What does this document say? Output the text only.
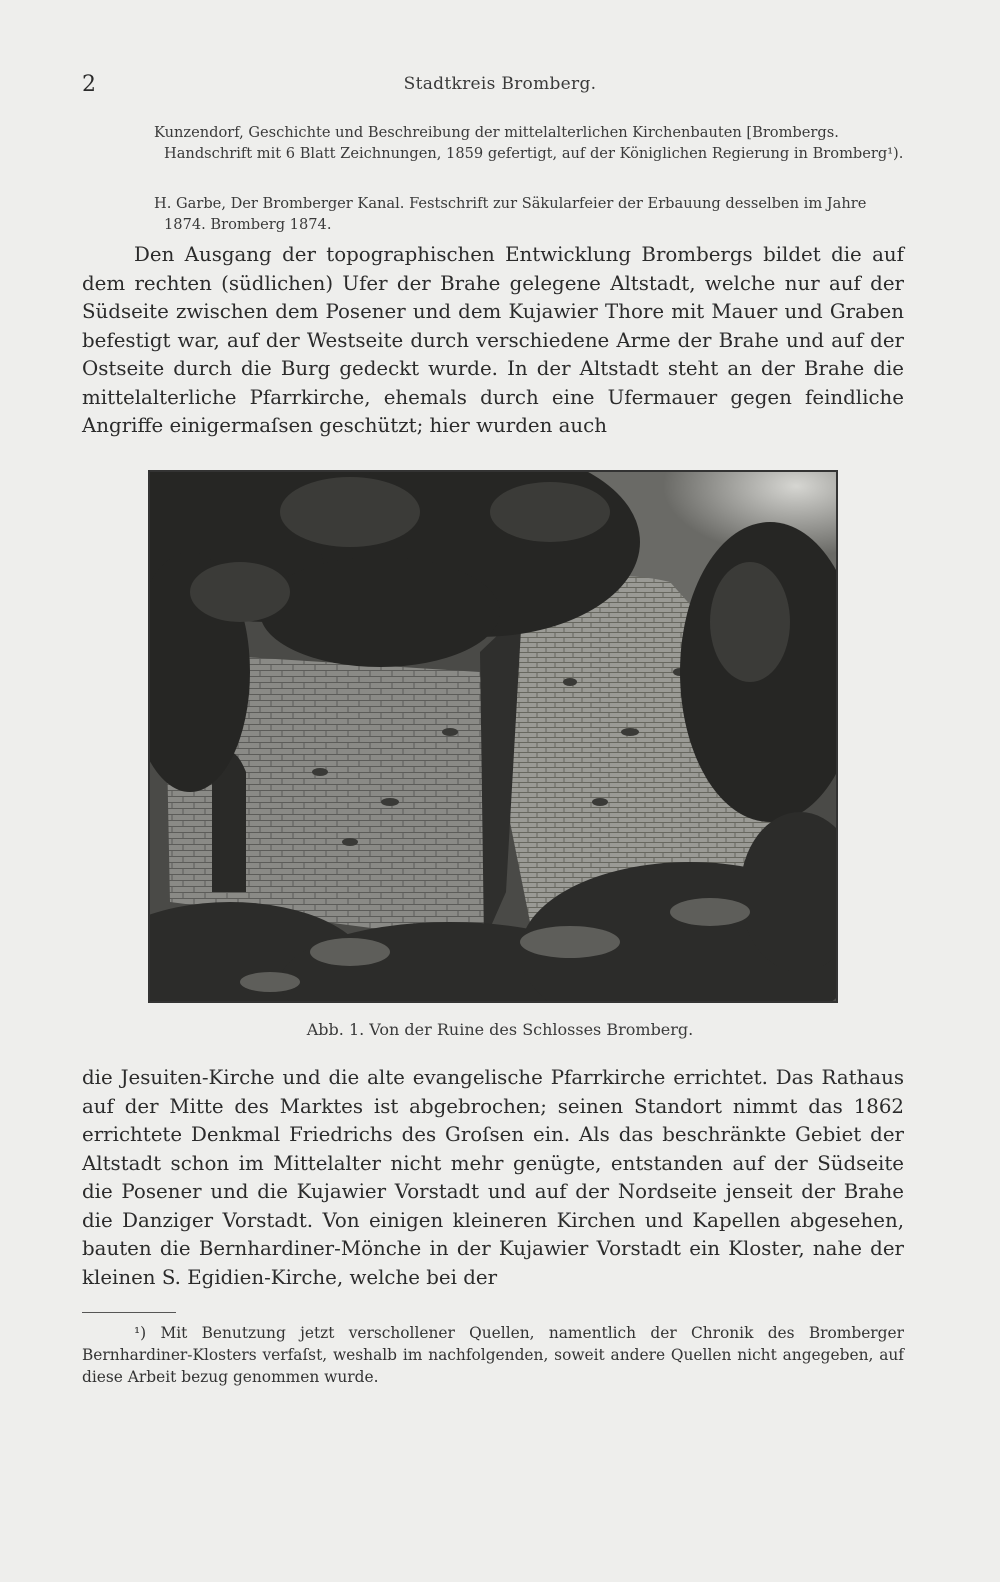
2	Stadtkreis Bromberg.

Kunzendorf, Geschichte und Beschreibung der mittelalterlichen Kirchenbauten [Brombergs. Handschrift mit 6 Blatt Zeichnungen, 1859 gefertigt, auf der Königlichen Regierung in Bromberg¹).

H. Garbe, Der Bromberger Kanal. Festschrift zur Säkularfeier der Erbauung desselben im Jahre 1874. Bromberg 1874.

Den Ausgang der topographischen Entwicklung Brombergs bildet die auf dem rechten (südlichen) Ufer der Brahe gelegene Altstadt, welche nur auf der Südseite zwischen dem Posener und dem Kujawier Thore mit Mauer und Graben befestigt war, auf der Westseite durch verschiedene Arme der Brahe und auf der Ostseite durch die Burg gedeckt wurde. In der Altstadt steht an der Brahe die mittelalterliche Pfarrkirche, ehemals durch eine Ufermauer gegen feindliche Angriffe einigermaſsen geschützt; hier wurden auch

Abb. 1. Von der Ruine des Schlosses Bromberg.

die Jesuiten-Kirche und die alte evangelische Pfarrkirche errichtet. Das Rathaus auf der Mitte des Marktes ist abgebrochen; seinen Standort nimmt das 1862 errichtete Denkmal Friedrichs des Groſsen ein. Als das beschränkte Gebiet der Altstadt schon im Mittelalter nicht mehr genügte, entstanden auf der Südseite die Posener und die Kujawier Vorstadt und auf der Nordseite jenseit der Brahe die Danziger Vorstadt. Von einigen kleineren Kirchen und Kapellen abgesehen, bauten die Bernhardiner-Mönche in der Kujawier Vorstadt ein Kloster, nahe der kleinen S. Egidien-Kirche, welche bei der

¹) Mit Benutzung jetzt verschollener Quellen, namentlich der Chronik des Bromberger Bernhardiner-Klosters verfaſst, weshalb im nachfolgenden, soweit andere Quellen nicht angegeben, auf diese Arbeit bezug genommen wurde.
